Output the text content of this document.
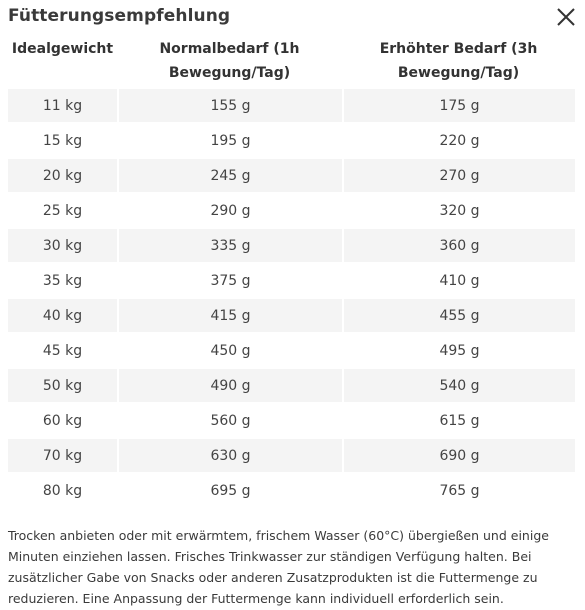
Fütterungsempfehlung
Idealgewicht	Normalbedarf (1h Bewegung/Tag)	Erhöhter Bedarf (3h Bewegung/Tag)
11 kg	155 g	175 g
15 kg	195 g	220 g
20 kg	245 g	270 g
25 kg	290 g	320 g
30 kg	335 g	360 g
35 kg	375 g	410 g
40 kg	415 g	455 g
45 kg	450 g	495 g
50 kg	490 g	540 g
60 kg	560 g	615 g
70 kg	630 g	690 g
80 kg	695 g	765 g

Trocken anbieten oder mit erwärmtem, frischem Wasser (60°C) übergießen und einige Minuten einziehen lassen. Frisches Trinkwasser zur ständigen Verfügung halten. Bei zusätzlicher Gabe von Snacks oder anderen Zusatzprodukten ist die Futtermenge zu reduzieren. Eine Anpassung der Futtermenge kann individuell erforderlich sein.
